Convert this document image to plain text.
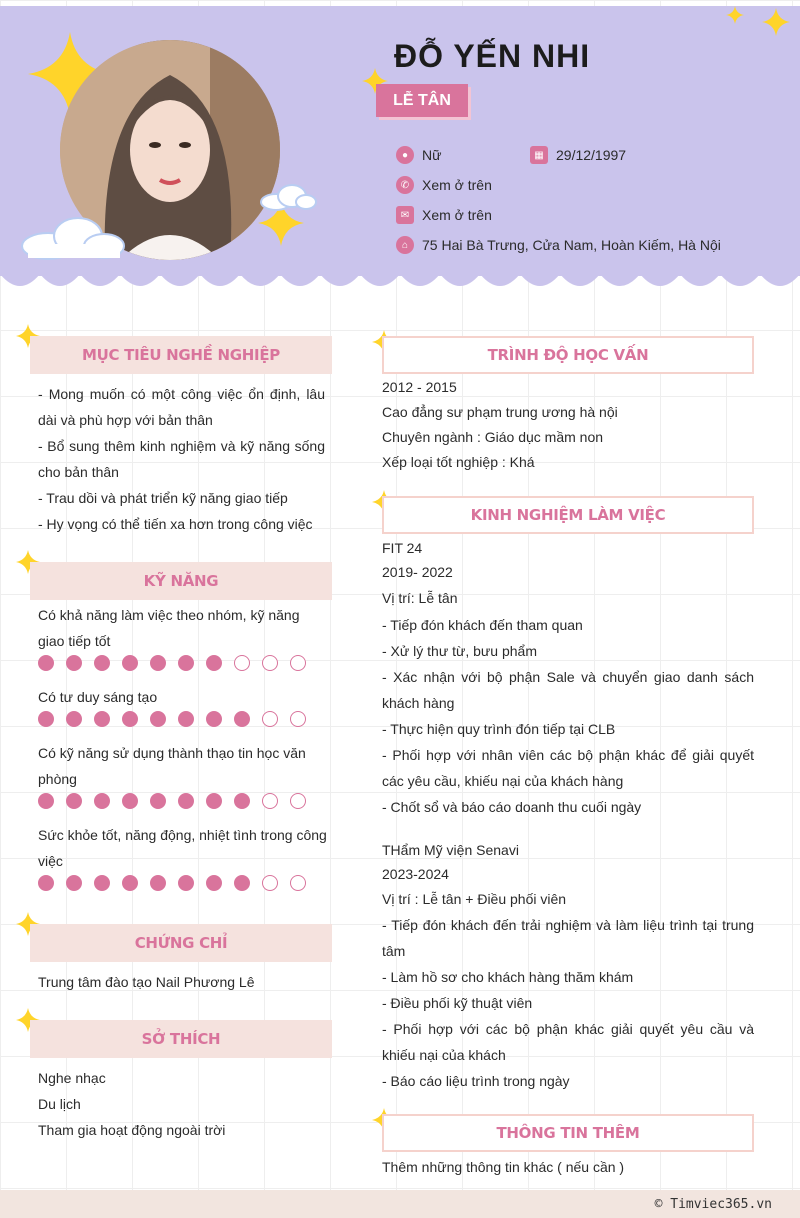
ĐỖ YẾN NHI
LỄ TÂN
● Nữ	▦ 29/12/1997
✆ Xem ở trên
✉ Xem ở trên
⌂ 75 Hai Bà Trưng, Cửa Nam, Hoàn Kiếm, Hà Nội
MỤC TIÊU NGHỀ NGHIỆP
- Mong muốn có một công việc ổn định, lâu dài và phù hợp với bản thân
- Bổ sung thêm kinh nghiệm và kỹ năng sống cho bản thân
- Trau dồi và phát triển kỹ năng giao tiếp
- Hy vọng có thể tiến xa hơn trong công việc
KỸ NĂNG
Có khả năng làm việc theo nhóm, kỹ năng giao tiếp tốt
Có tư duy sáng tạo
Có kỹ năng sử dụng thành thạo tin học văn phòng
Sức khỏe tốt, năng động, nhiệt tình trong công việc
CHỨNG CHỈ
Trung tâm đào tạo Nail Phương Lê
SỞ THÍCH
Nghe nhạc
Du lịch
Tham gia hoạt động ngoài trời
TRÌNH ĐỘ HỌC VẤN
2012 - 2015
Cao đẳng sư phạm trung ương hà nội
Chuyên ngành : Giáo dục mầm non
Xếp loại tốt nghiệp : Khá
KINH NGHIỆM LÀM VIỆC
FIT 24
2019- 2022
Vị trí: Lễ tân
- Tiếp đón khách đến tham quan
- Xử lý thư từ, bưu phẩm
- Xác nhận với bộ phận Sale và chuyển giao danh sách khách hàng
- Thực hiện quy trình đón tiếp tại CLB
- Phối hợp với nhân viên các bộ phận khác để giải quyết các yêu cầu, khiếu nại của khách hàng
- Chốt sổ và báo cáo doanh thu cuối ngày
THẩm Mỹ viện Senavi
2023-2024
Vị trí : Lễ tân + Điều phối viên
- Tiếp đón khách đến trải nghiệm và làm liệu trình tại trung tâm
- Làm hồ sơ cho khách hàng thăm khám
- Điều phối kỹ thuật viên
- Phối hợp với các bộ phận khác giải quyết yêu cầu và khiếu nại của khách
- Báo cáo liệu trình trong ngày
THÔNG TIN THÊM
Thêm những thông tin khác ( nếu cần )
© Timviec365.vn
